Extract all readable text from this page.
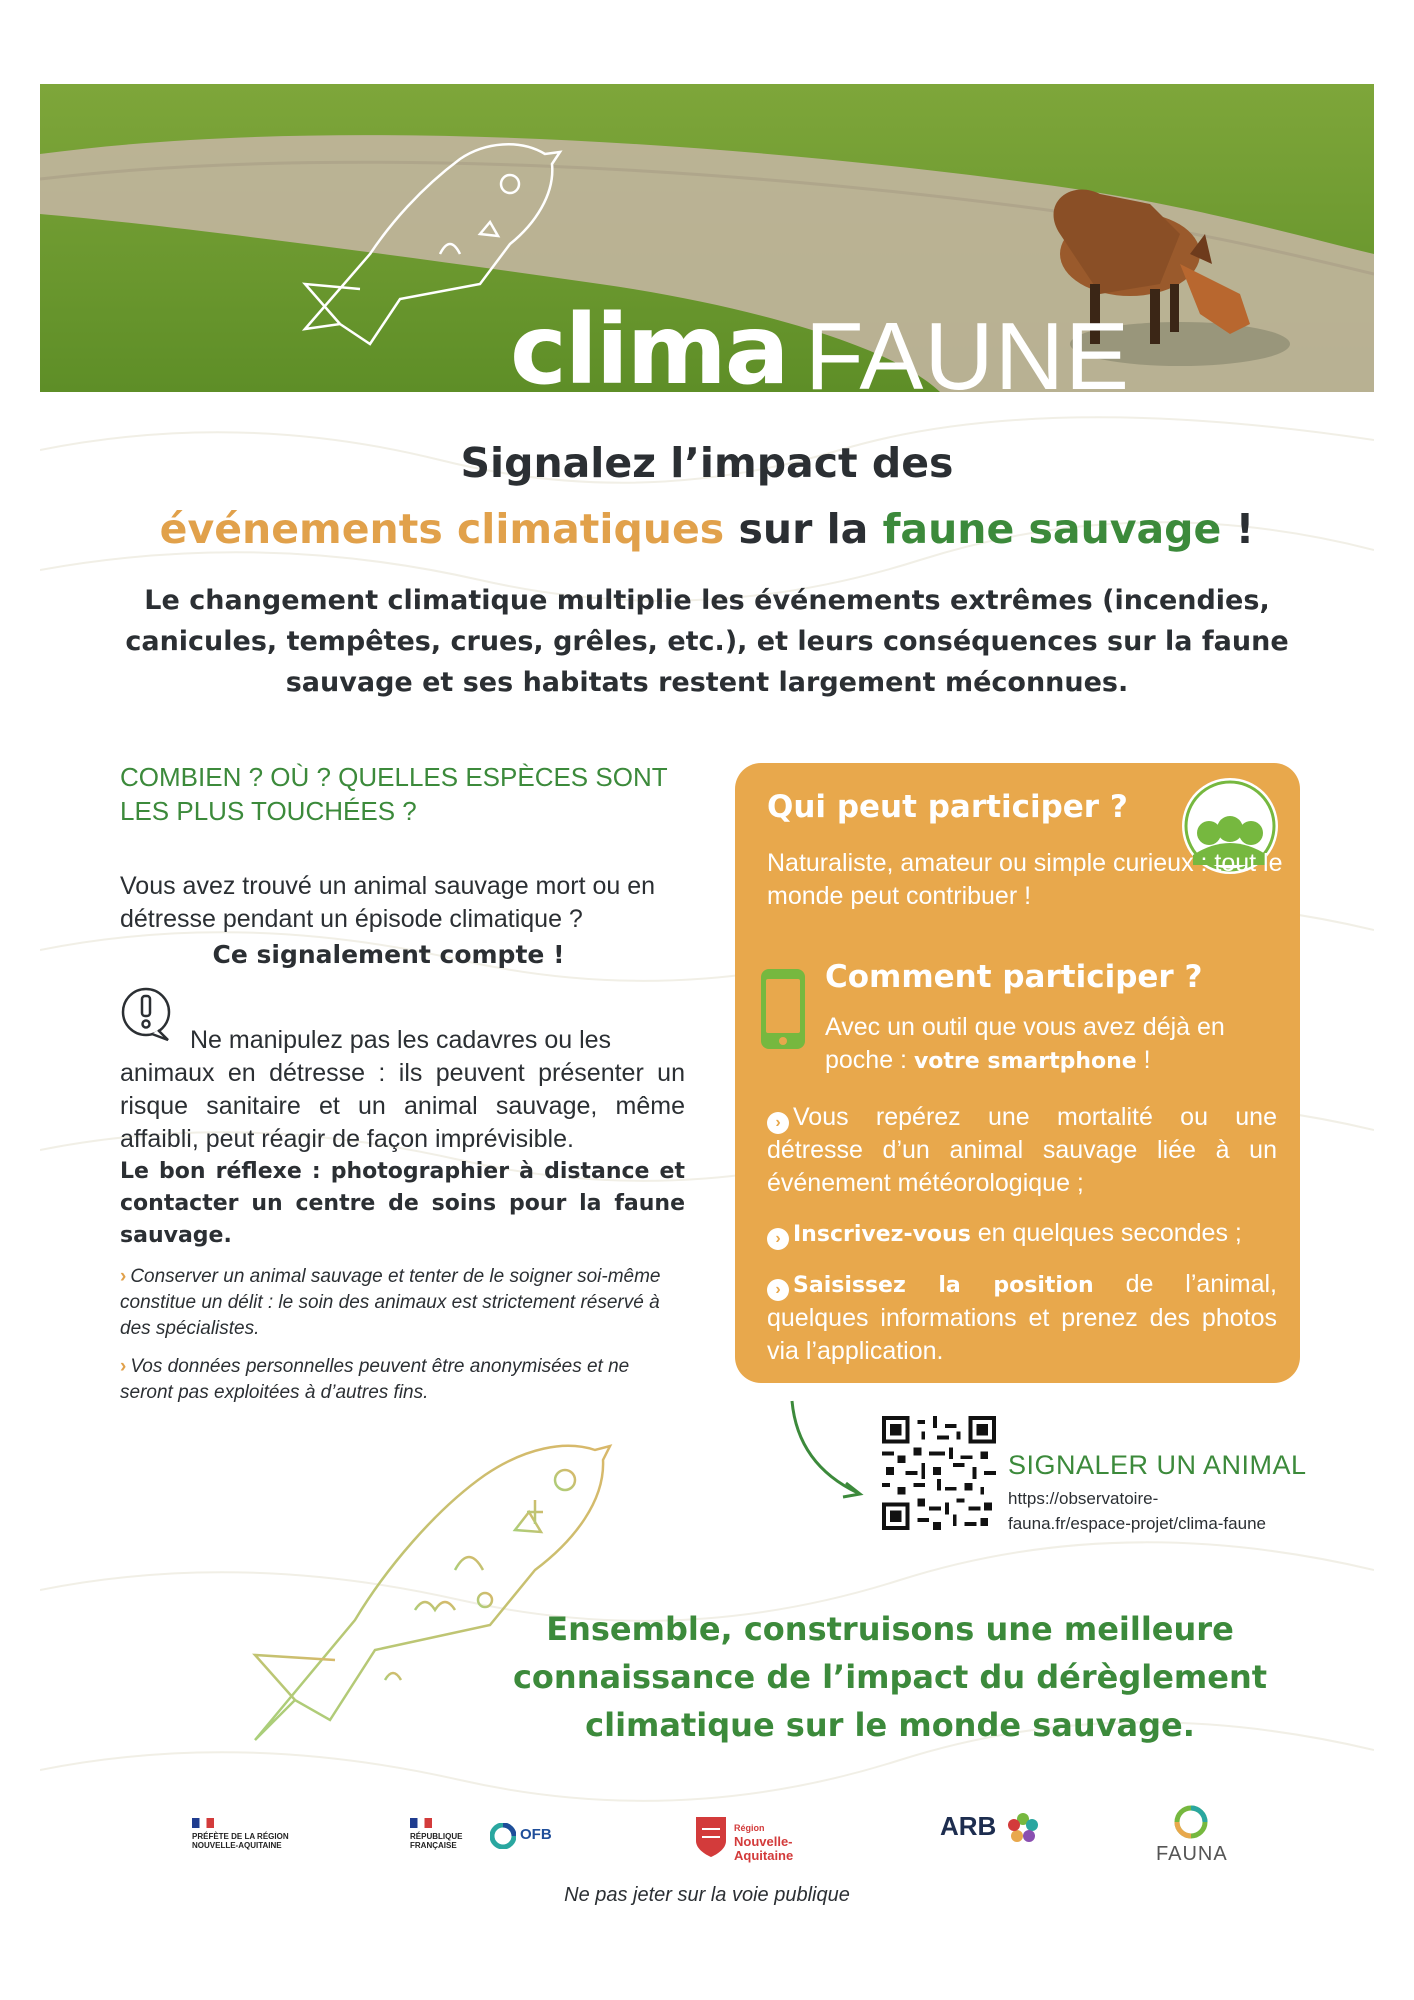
clima FAUNE
Signalez l’impact des
événements climatiques sur la faune sauvage !
Le changement climatique multiplie les événements extrêmes (incendies, canicules, tempêtes, crues, grêles, etc.), et leurs conséquences sur la faune sauvage et ses habitats restent largement méconnues.
COMBIEN ? OÙ ? QUELLES ESPÈCES SONT
LES PLUS TOUCHÉES ?
Vous avez trouvé un animal sauvage mort ou en détresse pendant un épisode climatique ?
Ce signalement compte !
Ne manipulez pas les cadavres ou les
animaux en détresse : ils peuvent présenter un risque sanitaire et un animal sauvage, même affaibli, peut réagir de façon imprévisible.
Le bon réflexe : photographier à distance et contacter un centre de soins pour la faune sauvage.
› Conserver un animal sauvage et tenter de le soigner soi-même constitue un délit : le soin des animaux est strictement réservé à des spécialistes.
› Vos données personnelles peuvent être anonymisées et ne seront pas exploitées à d’autres fins.
Qui peut participer ?
Naturaliste, amateur ou simple curieux : tout le monde peut contribuer !
Comment participer ?
Avec un outil que vous avez déjà en poche : votre smartphone !
› Vous repérez une mortalité ou une détresse d’un animal sauvage liée à un événement météorologique ;
› Inscrivez-vous en quelques secondes ;
› Saisissez la position de l’animal, quelques informations et prenez des photos via l’application.
SIGNALER UN ANIMAL
https://observatoire-fauna.fr/espace-projet/clima-faune
Ensemble, construisons une meilleure connaissance de l’impact du dérèglement climatique sur le monde sauvage.
PRÉFÈTE DE LA RÉGION NOUVELLE-AQUITAINE
RÉPUBLIQUE FRANÇAISE
OFB	Région
Nouvelle-Aquitaine
ARB
FAUNA
Ne pas jeter sur la voie publique
